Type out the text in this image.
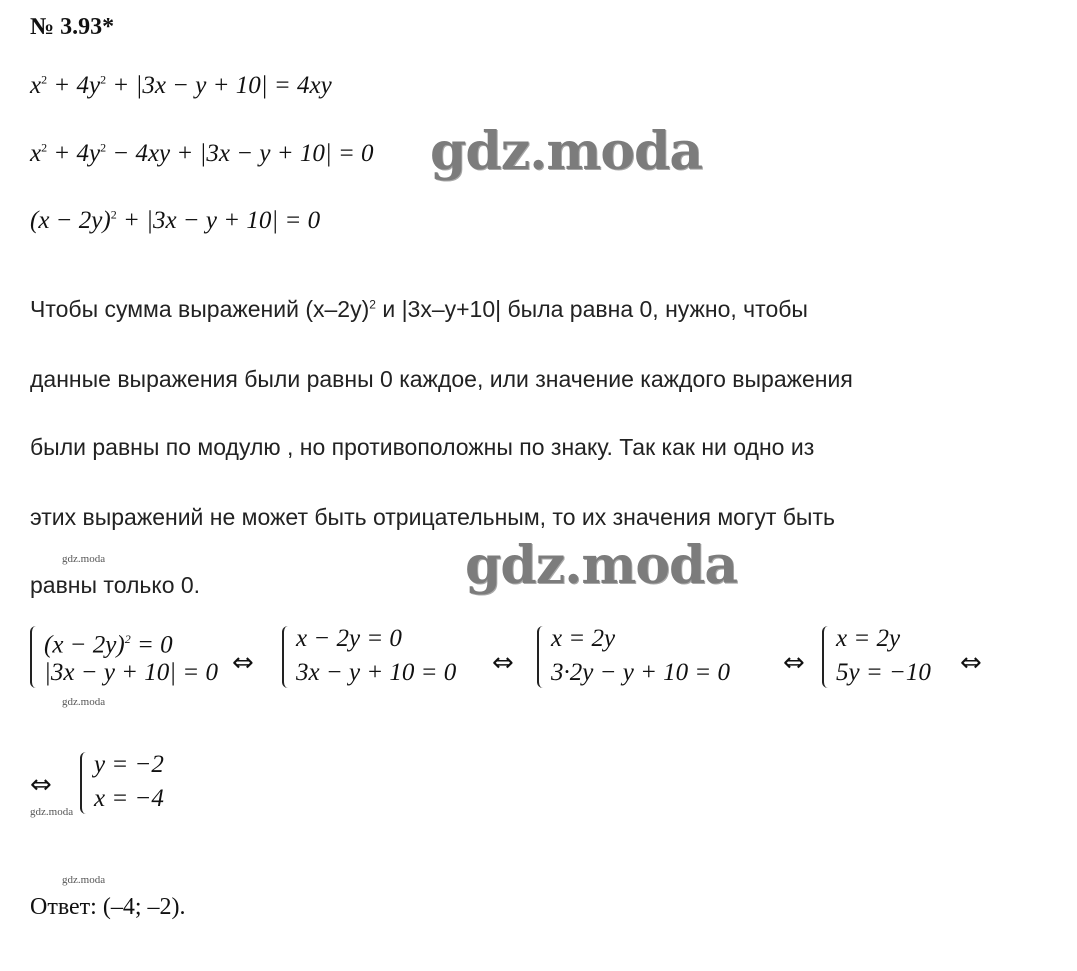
№ 3.93*
$x^2 + 4y^2 + |3x - y + 10| = 4xy$
$x^2 + 4y^2 - 4xy + |3x - y + 10| = 0$
$(x - 2y)^2 + |3x - y + 10| = 0$
gdz.moda
Чтобы сумма выражений $(x-2y)^2$ и |3x–y+10| была равна 0, нужно, чтобы
данные выражения были равны 0 каждое, или значение каждого выражения
были равны по модулю , но противоположны по знаку. Так как ни одно из
этих выражений не может быть отрицательным, то их значения могут быть
равны только 0.
gdz.moda	gdz.moda
$(x - 2y)^2 = 0$
|3x − y + 10| = 0
gdz.moda
⇔
x − 2y = 0
3x − y + 10 = 0 ⇔
x = 2y
3·2y − y + 10 = 0 ⇔
x = 2y
5y = −10 ⇔
⇔
gdz.moda
y = −2
x = −4
gdz.moda
Ответ: (–4; –2).
